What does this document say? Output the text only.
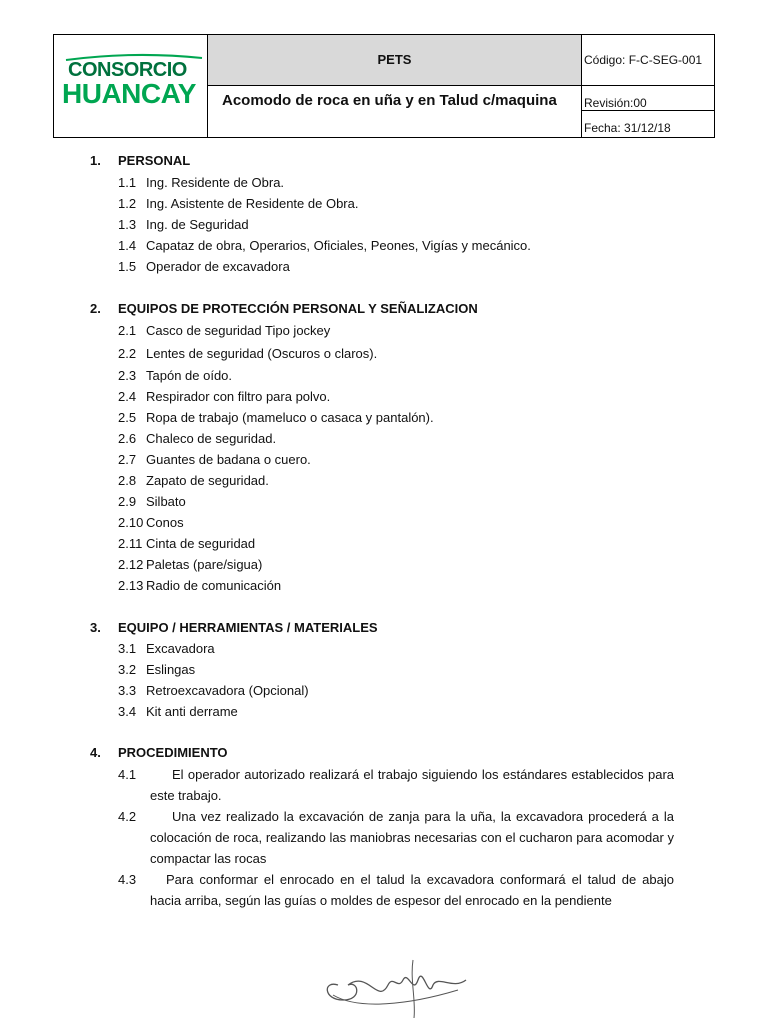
CONSORCIO
HUANCAY
PETS
Acomodo de roca en uña y en Talud c/maquina
Código: F-C-SEG-001
Revisión:00
Fecha: 31/12/18
1. PERSONAL
1.1 Ing. Residente de Obra.
1.2 Ing. Asistente de Residente de Obra.
1.3 Ing. de Seguridad
1.4 Capataz de obra, Operarios, Oficiales, Peones, Vigías y mecánico.
1.5 Operador de excavadora
2. EQUIPOS DE PROTECCIÓN PERSONAL Y SEÑALIZACION
2.1 Casco de seguridad Tipo jockey
2.2 Lentes de seguridad (Oscuros o claros).
2.3 Tapón de oído.
2.4 Respirador con filtro para polvo.
2.5 Ropa de trabajo (mameluco o casaca y pantalón).
2.6 Chaleco de seguridad.
2.7 Guantes de badana o cuero.
2.8 Zapato de seguridad.
2.9 Silbato
2.10 Conos
2.11 Cinta de seguridad
2.12 Paletas (pare/sigua)
2.13 Radio de comunicación
3. EQUIPO / HERRAMIENTAS / MATERIALES
3.1 Excavadora
3.2 Eslingas
3.3 Retroexcavadora (Opcional)
3.4 Kit anti derrame
4. PROCEDIMIENTO
4.1	El operador autorizado realizará el trabajo siguiendo los estándares establecidos para este trabajo.
4.2	Una vez realizado la excavación de zanja para la uña, la excavadora procederá a la colocación de roca, realizando las maniobras necesarias con el cucharon para acomodar y compactar las rocas
4.3	Para conformar el enrocado en el talud la excavadora conformará el talud de abajo hacia arriba, según las guías o moldes de espesor del enrocado en la pendiente
